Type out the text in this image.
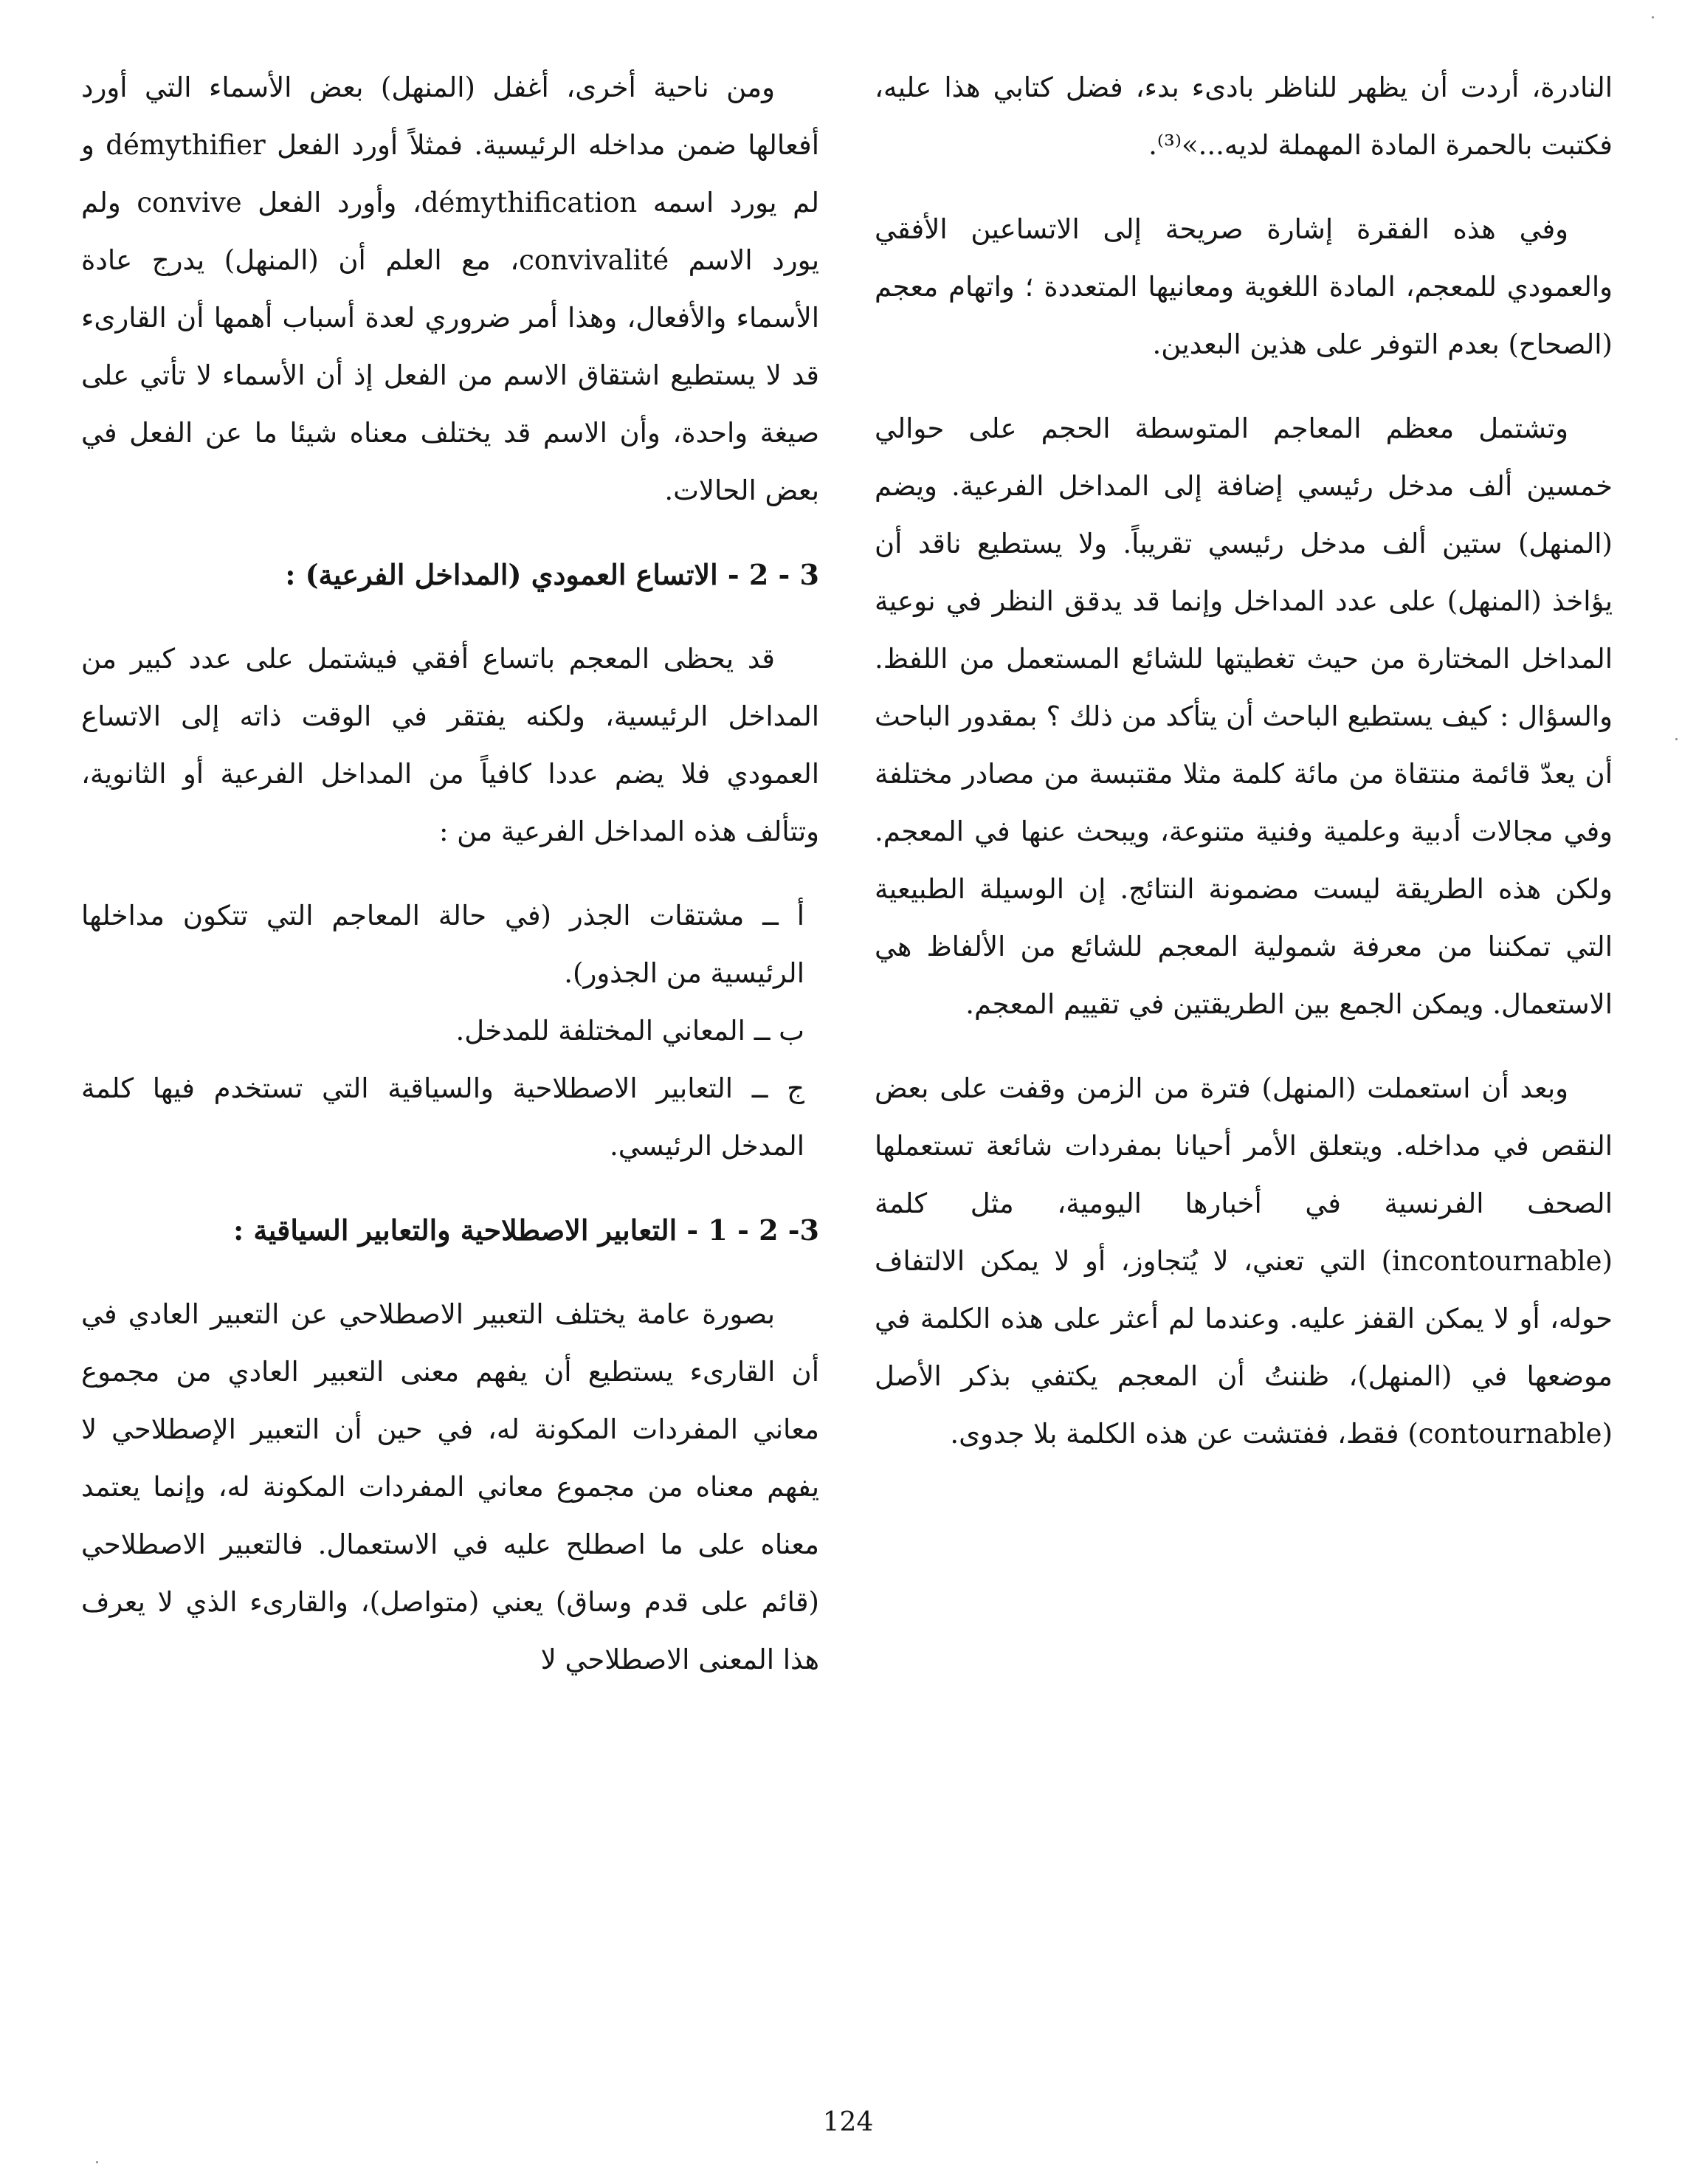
النادرة، أردت أن يظهر للناظر بادىء بدء، فضل كتابي هذا عليه، فكتبت بالحمرة المادة المهملة لديه...»⁽³⁾.

وفي هذه الفقرة إشارة صريحة إلى الاتساعين الأفقي والعمودي للمعجم، المادة اللغوية ومعانيها المتعددة ؛ واتهام معجم (الصحاح) بعدم التوفر على هذين البعدين.

وتشتمل معظم المعاجم المتوسطة الحجم على حوالي خمسين ألف مدخل رئيسي إضافة إلى المداخل الفرعية. ويضم (المنهل) ستين ألف مدخل رئيسي تقريباً. ولا يستطيع ناقد أن يؤاخذ (المنهل) على عدد المداخل وإنما قد يدقق النظر في نوعية المداخل المختارة من حيث تغطيتها للشائع المستعمل من اللفظ. والسؤال : كيف يستطيع الباحث أن يتأكد من ذلك ؟ بمقدور الباحث أن يعدّ قائمة منتقاة من مائة كلمة مثلا مقتبسة من مصادر مختلفة وفي مجالات أدبية وعلمية وفنية متنوعة، ويبحث عنها في المعجم. ولكن هذه الطريقة ليست مضمونة النتائج. إن الوسيلة الطبيعية التي تمكننا من معرفة شمولية المعجم للشائع من الألفاظ هي الاستعمال. ويمكن الجمع بين الطريقتين في تقييم المعجم.

وبعد أن استعملت (المنهل) فترة من الزمن وقفت على بعض النقص في مداخله. ويتعلق الأمر أحيانا بمفردات شائعة تستعملها الصحف الفرنسية في أخبارها اليومية، مثل كلمة (incontournable) التي تعني، لا يُتجاوز، أو لا يمكن الالتفاف حوله، أو لا يمكن القفز عليه. وعندما لم أعثر على هذه الكلمة في موضعها في (المنهل)، ظننتُ أن المعجم يكتفي بذكر الأصل (contournable) فقط، ففتشت عن هذه الكلمة بلا جدوى.

ومن ناحية أخرى، أغفل (المنهل) بعض الأسماء التي أورد أفعالها ضمن مداخله الرئيسية. فمثلاً أورد الفعل démythifier و لم يورد اسمه démythification، وأورد الفعل convive ولم يورد الاسم convivalité، مع العلم أن (المنهل) يدرج عادة الأسماء والأفعال، وهذا أمر ضروري لعدة أسباب أهمها أن القارىء قد لا يستطيع اشتقاق الاسم من الفعل إذ أن الأسماء لا تأتي على صيغة واحدة، وأن الاسم قد يختلف معناه شيئا ما عن الفعل في بعض الحالات.

3 - 2 - الاتساع العمودي (المداخل الفرعية) :

قد يحظى المعجم باتساع أفقي فيشتمل على عدد كبير من المداخل الرئيسية، ولكنه يفتقر في الوقت ذاته إلى الاتساع العمودي فلا يضم عددا كافياً من المداخل الفرعية أو الثانوية، وتتألف هذه المداخل الفرعية من :

أ ــ مشتقات الجذر (في حالة المعاجم التي تتكون مداخلها الرئيسية من الجذور).

ب ــ المعاني المختلفة للمدخل.

ج ــ التعابير الاصطلاحية والسياقية التي تستخدم فيها كلمة المدخل الرئيسي.

3- 2 - 1 - التعابير الاصطلاحية والتعابير السياقية :

بصورة عامة يختلف التعبير الاصطلاحي عن التعبير العادي في أن القارىء يستطيع أن يفهم معنى التعبير العادي من مجموع معاني المفردات المكونة له، في حين أن التعبير الإصطلاحي لا يفهم معناه من مجموع معاني المفردات المكونة له، وإنما يعتمد معناه على ما اصطلح عليه في الاستعمال. فالتعبير الاصطلاحي (قائم على قدم وساق) يعني (متواصل)، والقارىء الذي لا يعرف هذا المعنى الاصطلاحي لا

124
